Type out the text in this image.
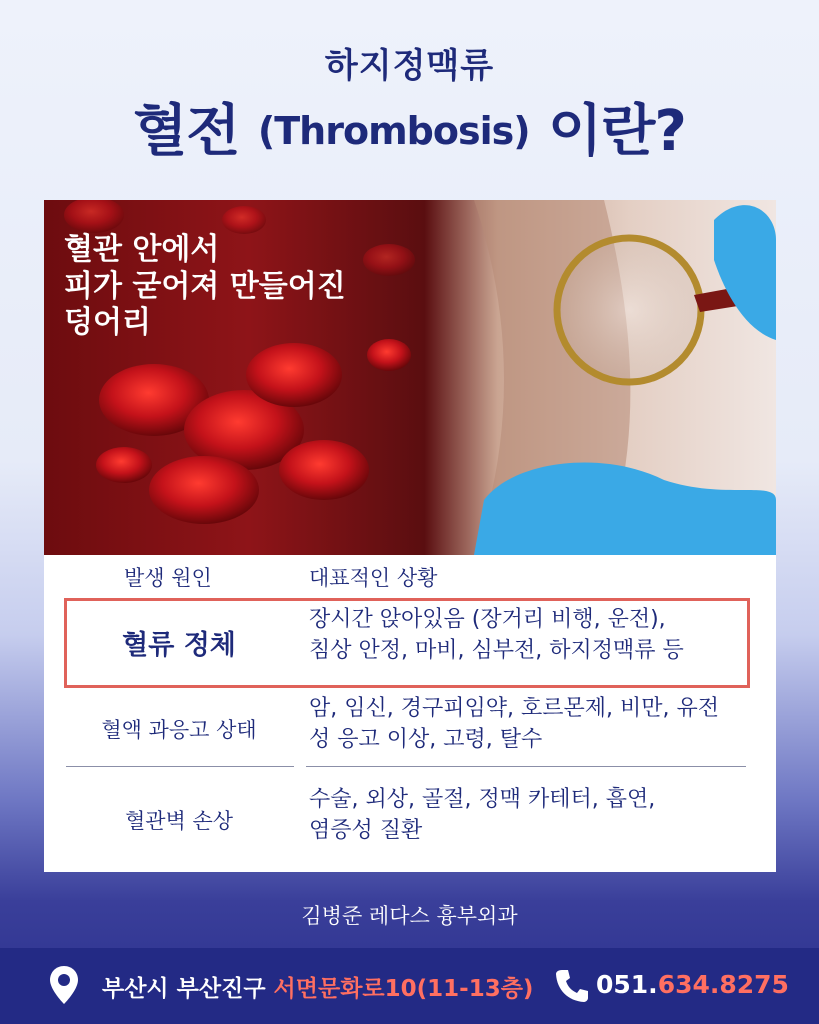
하지정맥류
혈전 (Thrombosis) 이란?
혈관 안에서
피가 굳어져 만들어진
덩어리
발생 원인	대표적인 상황
혈류 정체
장시간 앉아있음 (장거리 비행, 운전),
침상 안정, 마비, 심부전, 하지정맥류 등
혈액 과응고 상태
암, 임신, 경구피임약, 호르몬제, 비만, 유전
성 응고 이상, 고령, 탈수
혈관벽 손상
수술, 외상, 골절, 정맥 카테터, 흡연,
염증성 질환
김병준 레다스 흉부외과
부산시 부산진구 서면문화로10(11-13층)	051.634.8275
